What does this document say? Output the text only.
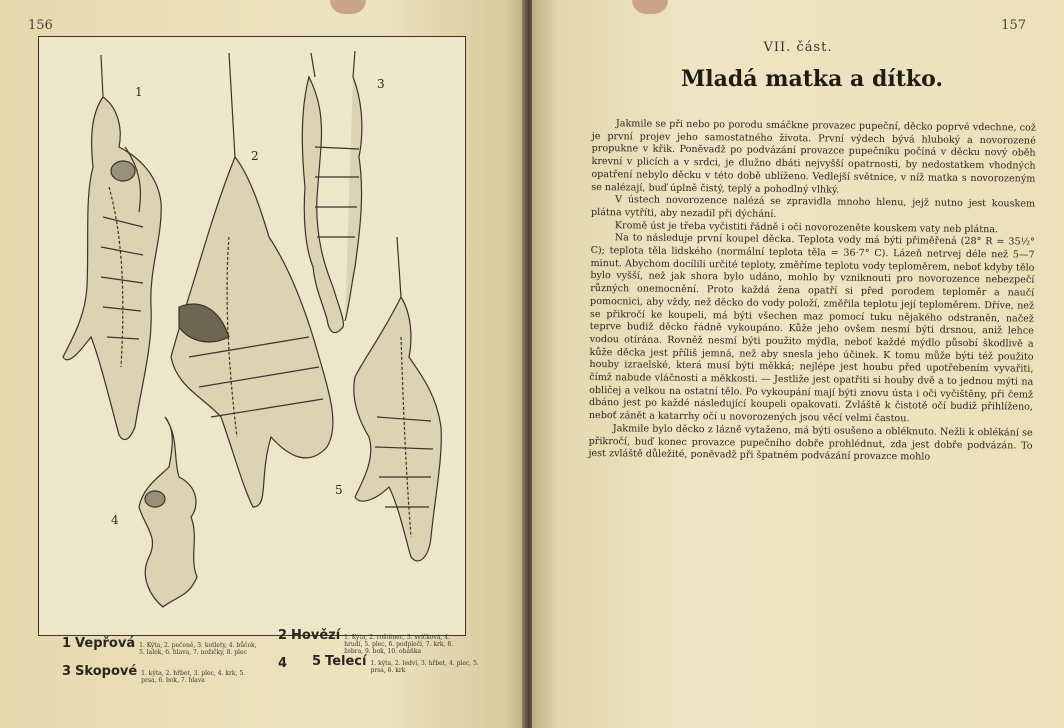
156
1
2
3
4
5
1 Vepřová 1. Kýta, 2. pečeně, 3. kotlety, 4. bůček, 5. lalok, 6. hlava, 7. nožičky, 8. plec
2 Hovězí 1. Kýta, 2. roštěnec, 3. svíčková, 4. hrudí, 5. plec, 6. podplečí, 7. krk, 8. žebra, 9. bok, 10. oháňka
3 Skopové 1. kýta, 2. hřbet, 3. plec, 4. krk, 5. prsa, 6. bok, 7. hlava
4 5 Telecí 1. kýta, 2. ledví, 3. hřbet, 4. plec, 5. prsa, 6. krk
157
VII. část.
Mladá matka a dítko.

Jakmile se při nebo po porodu smáčkne provazec pupeční, děcko poprvé vdechne, což je první projev jeho samostatného života. První výdech bývá hluboký a novorozené propukne v křik. Poněvadž po podvázání provazce pupečníku počíná v děcku nový oběh krevní v plicích a v srdci, je dlužno dbáti nejvyšší opatrnosti, by nedostatkem vhodných opatření nebylo děcku v této době ublíženo. Vedlejší světnice, v níž matka s novorozeným se nalézají, buď úplně čistý, teplý a pohodlný vlhký.

V ústech novorozence nalézá se zpravidla mnoho hlenu, jejž nutno jest kouskem plátna vytříti, aby nezadil při dýchání.

Kromě úst je třeba vyčistiti řádně i oči novorozeněte kouskem vaty neb plátna.

Na to následuje první koupel děcka. Teplota vody má býti přiměřená (28° R = 35½° C); teplota těla lidského (normální teplota těla = 36·7° C). Lázeň netrvej déle než 5—7 minut. Abychom docílili určité teploty, změříme teplotu vody teploměrem, neboť kdyby tělo bylo vyšší, než jak shora bylo udáno, mohlo by vzniknouti pro novorozence nebezpečí různých onemocnění. Proto každá žena opatří si před porodem teploměr a naučí pomocnici, aby vždy, než děcko do vody položí, změřila teplotu její teploměrem. Dříve, než se přikročí ke koupeli, má býti všechen maz pomocí tuku nějakého odstraněn, načež teprve budiž děcko řádně vykoupáno. Kůže jeho ovšem nesmí býti drsnou, aniž lehce vodou otírána. Rovněž nesmí býti použito mýdla, neboť každé mýdlo působí škodlivě a kůže děcka jest příliš jemná, než aby snesla jeho účinek. K tomu může býti též použito houby izraelské, která musí býti měkká; nejlépe jest houbu před upotřebením vyvařiti, čímž nabude vláčnosti a měkkosti. — Jestliže jest opatřiti si houby dvě a to jednou mýti na obličej a velkou na ostatní tělo. Po vykoupání mají býti znovu ústa i oči vyčištěny, při čemž dbáno jest po každé následující koupeli opakovati. Zvláště k čistotě očí budiž přihlíženo, neboť zánět a katarrhy očí u novorozených jsou věcí velmi častou.

Jakmile bylo děcko z lázně vytaženo, má býti osušeno a obléknuto. Nežli k oblékání se přikročí, buď konec provazce pupečního dobře prohlédnut, zda jest dobře podvázán. To jest zvláště důležité, poněvadž při špatném podvázání provazce mohlo
